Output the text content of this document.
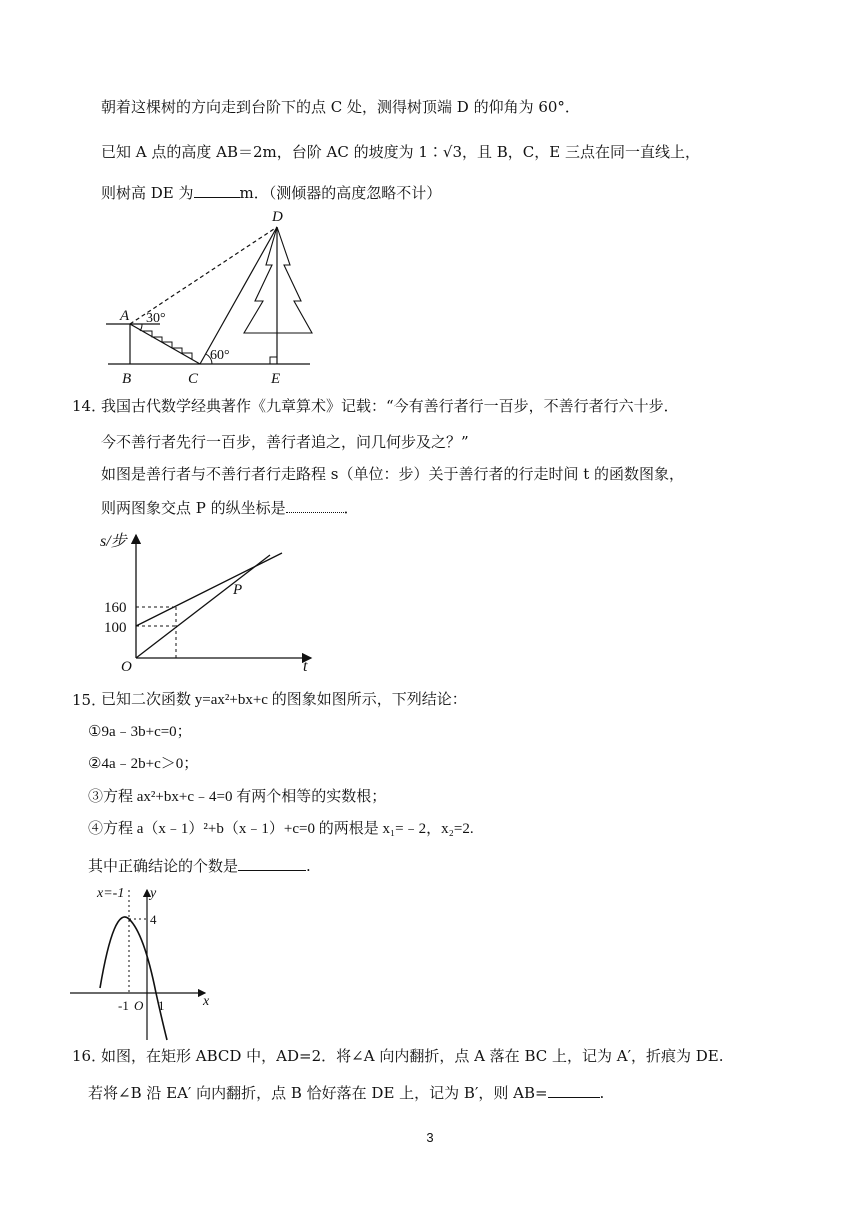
朝着这棵树的方向走到台阶下的点 C 处，测得树顶端 D 的仰角为 60°．
已知 A 点的高度 AB＝2m，台阶 AC 的坡度为 1∶√3，且 B，C，E 三点在同一直线上，
则树高 DE 为	m．（测倾器的高度忽略不计）
D
A 30°
60°
B	C	E
14．
我国古代数学经典著作《九章算术》记载：“今有善行者行一百步，不善行者行六十步．
今不善行者先行一百步，善行者追之，问几何步及之？”
如图是善行者与不善行者行走路程 s（单位：步）关于善行者的行走时间 t 的函数图象，
则两图象交点 P 的纵坐标是	．
s/步
160
100
O	t
P
15．
已知二次函数 y=ax²+bx+c 的图象如图所示，下列结论：
①9a﹣3b+c=0；
②4a﹣2b+c＞0；
③方程 ax²+bx+c﹣4=0 有两个相等的实数根；
④方程 a（x﹣1）²+b（x﹣1）+c=0 的两根是 x₁=﹣2，x₂=2.
其中正确结论的个数是	.
x=-1 y
4
-1 O 1	x
16．
如图，在矩形 ABCD 中，AD=2．将∠A 向内翻折，点 A 落在 BC 上，记为 A′，折痕为 DE.
若将∠B 沿 EA′ 向内翻折，点 B 恰好落在 DE 上，记为 B′，则 AB=	.
3
